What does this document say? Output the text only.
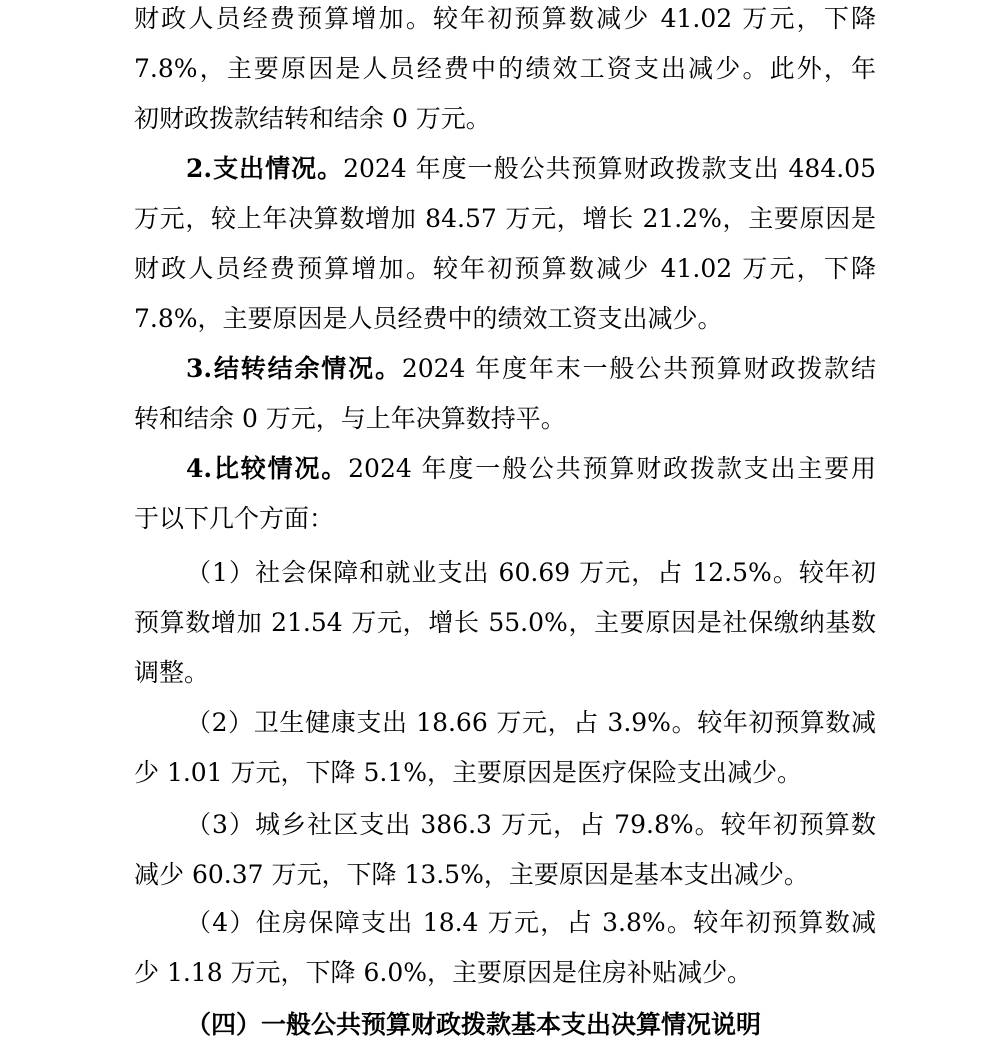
财政人员经费预算增加。较年初预算数减少 41.02 万元，下降
7.8%，主要原因是人员经费中的绩效工资支出减少。此外，年
初财政拨款结转和结余 0 万元。
2.支出情况。2024 年度一般公共预算财政拨款支出 484.05
万元，较上年决算数增加 84.57 万元，增长 21.2%，主要原因是
财政人员经费预算增加。较年初预算数减少 41.02 万元，下降
7.8%，主要原因是人员经费中的绩效工资支出减少。
3.结转结余情况。2024 年度年末一般公共预算财政拨款结
转和结余 0 万元，与上年决算数持平。
4.比较情况。2024 年度一般公共预算财政拨款支出主要用
于以下几个方面：
（1）社会保障和就业支出 60.69 万元，占 12.5%。较年初
预算数增加 21.54 万元，增长 55.0%，主要原因是社保缴纳基数
调整。
（2）卫生健康支出 18.66 万元，占 3.9%。较年初预算数减
少 1.01 万元，下降 5.1%，主要原因是医疗保险支出减少。
（3）城乡社区支出 386.3 万元，占 79.8%。较年初预算数
减少 60.37 万元，下降 13.5%，主要原因是基本支出减少。
（4）住房保障支出 18.4 万元，占 3.8%。较年初预算数减
少 1.18 万元，下降 6.0%，主要原因是住房补贴减少。
（四）一般公共预算财政拨款基本支出决算情况说明
